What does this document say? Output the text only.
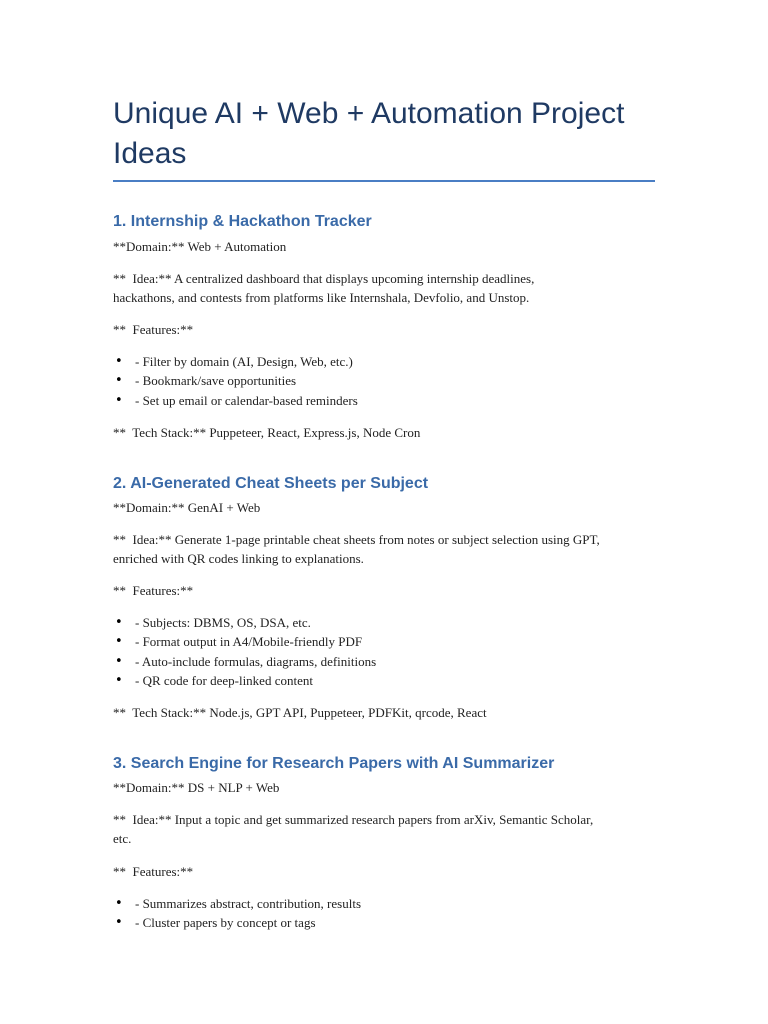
Unique AI + Web + Automation Project Ideas
1. Internship & Hackathon Tracker
**Domain:** Web + Automation
**  Idea:** A centralized dashboard that displays upcoming internship deadlines,
hackathons, and contests from platforms like Internshala, Devfolio, and Unstop.
**  Features:**
• - Filter by domain (AI, Design, Web, etc.)
• - Bookmark/save opportunities
• - Set up email or calendar-based reminders
**  Tech Stack:** Puppeteer, React, Express.js, Node Cron
2. AI-Generated Cheat Sheets per Subject
**Domain:** GenAI + Web
**  Idea:** Generate 1-page printable cheat sheets from notes or subject selection using GPT,
enriched with QR codes linking to explanations.
**  Features:**
• - Subjects: DBMS, OS, DSA, etc.
• - Format output in A4/Mobile-friendly PDF
• - Auto-include formulas, diagrams, definitions
• - QR code for deep-linked content
**  Tech Stack:** Node.js, GPT API, Puppeteer, PDFKit, qrcode, React
3. Search Engine for Research Papers with AI Summarizer
**Domain:** DS + NLP + Web
**  Idea:** Input a topic and get summarized research papers from arXiv, Semantic Scholar,
etc.
**  Features:**
• - Summarizes abstract, contribution, results
• - Cluster papers by concept or tags
